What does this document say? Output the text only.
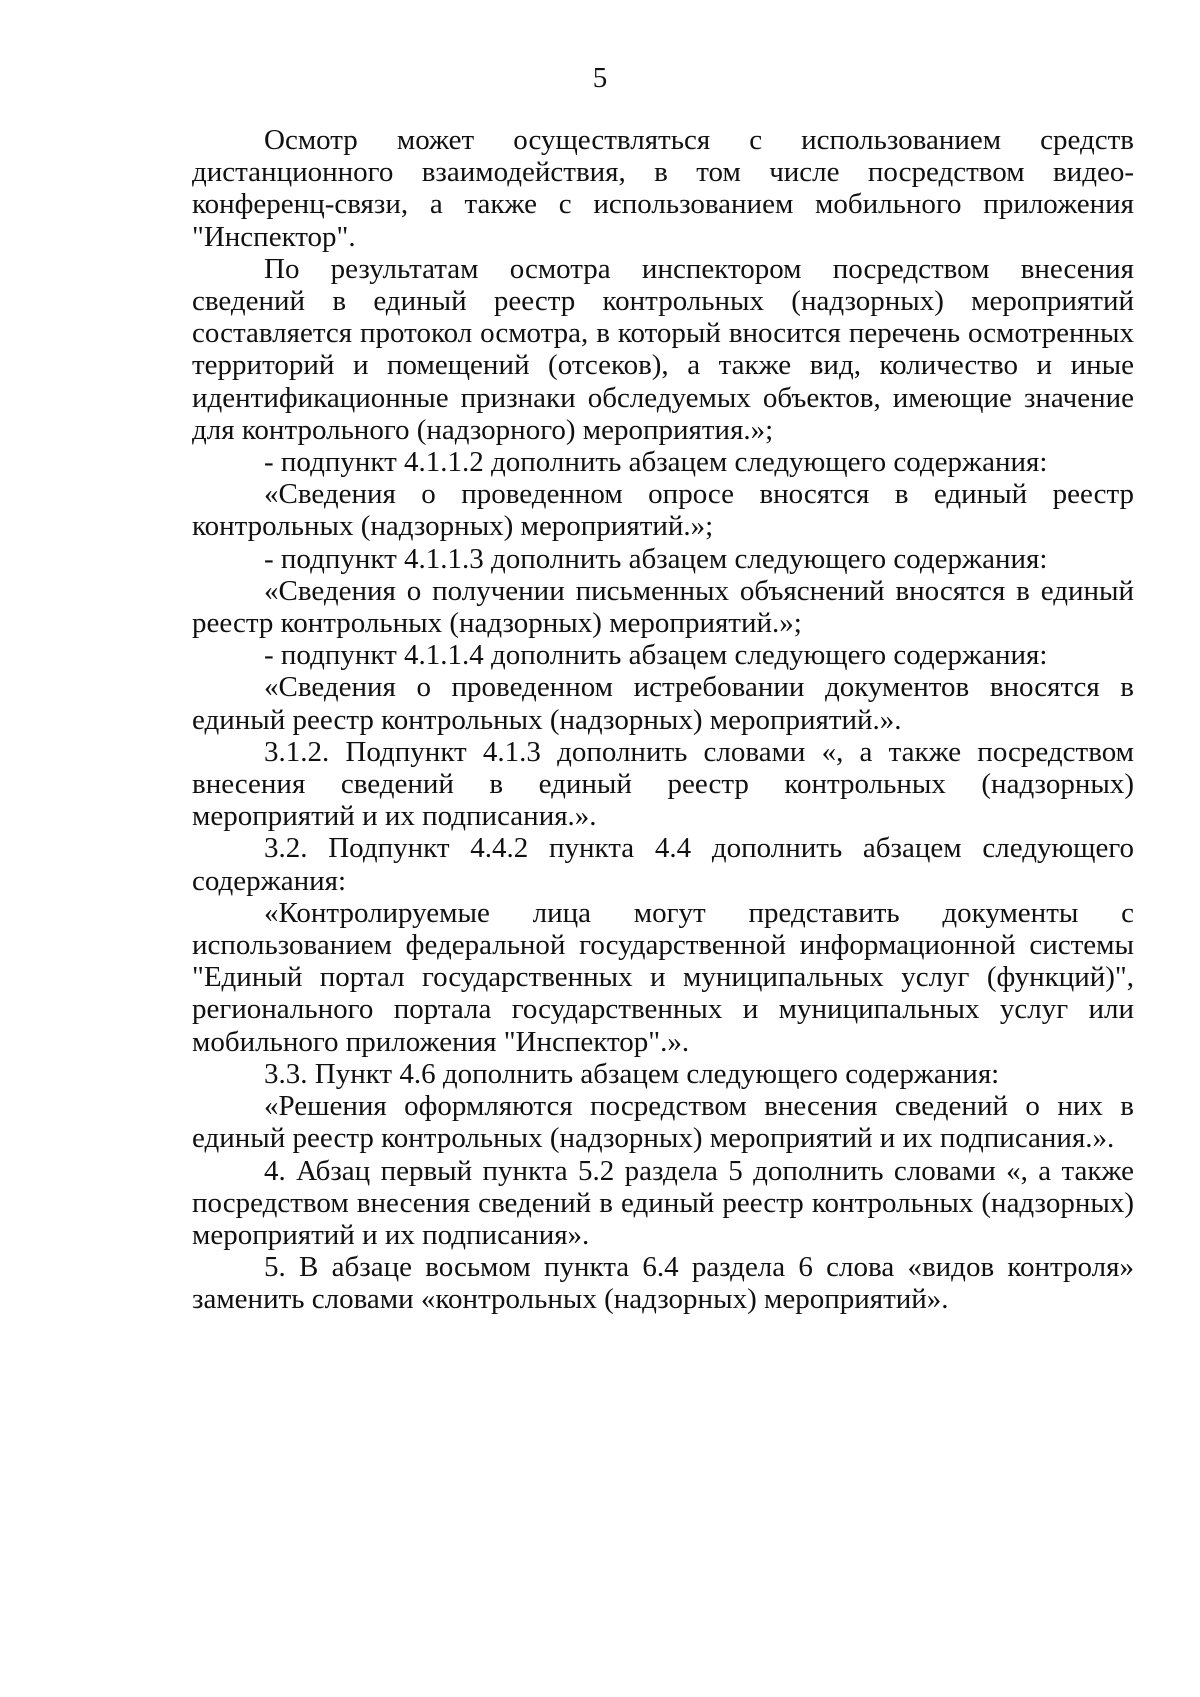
5

Осмотр может осуществляться с использованием средств дистанционного взаимодействия, в том числе посредством видео-конференц-связи, а также с использованием мобильного приложения "Инспектор".

По результатам осмотра инспектором посредством внесения сведений в единый реестр контрольных (надзорных) мероприятий составляется протокол осмотра, в который вносится перечень осмотренных территорий и помещений (отсеков), а также вид, количество и иные идентификационные признаки обследуемых объектов, имеющие значение для контрольного (надзорного) мероприятия.»;

- подпункт 4.1.1.2 дополнить абзацем следующего содержания:

«Сведения о проведенном опросе вносятся в единый реестр контрольных (надзорных) мероприятий.»;

- подпункт 4.1.1.3 дополнить абзацем следующего содержания:

«Сведения о получении письменных объяснений вносятся в единый реестр контрольных (надзорных) мероприятий.»;

- подпункт 4.1.1.4 дополнить абзацем следующего содержания:

«Сведения о проведенном истребовании документов вносятся в единый реестр контрольных (надзорных) мероприятий.».

3.1.2. Подпункт 4.1.3 дополнить словами «, а также посредством внесения сведений в единый реестр контрольных (надзорных) мероприятий и их подписания.».

3.2. Подпункт 4.4.2 пункта 4.4 дополнить абзацем следующего содержания:

«Контролируемые лица могут представить документы с использованием федеральной государственной информационной системы "Единый портал государственных и муниципальных услуг (функций)", регионального портала государственных и муниципальных услуг или мобильного приложения "Инспектор".».

3.3. Пункт 4.6 дополнить абзацем следующего содержания:

«Решения оформляются посредством внесения сведений о них в единый реестр контрольных (надзорных) мероприятий и их подписания.».

4. Абзац первый пункта 5.2 раздела 5 дополнить словами «, а также посредством внесения сведений в единый реестр контрольных (надзорных) мероприятий и их подписания».

5. В абзаце восьмом пункта 6.4 раздела 6 слова «видов контроля» заменить словами «контрольных (надзорных) мероприятий».
